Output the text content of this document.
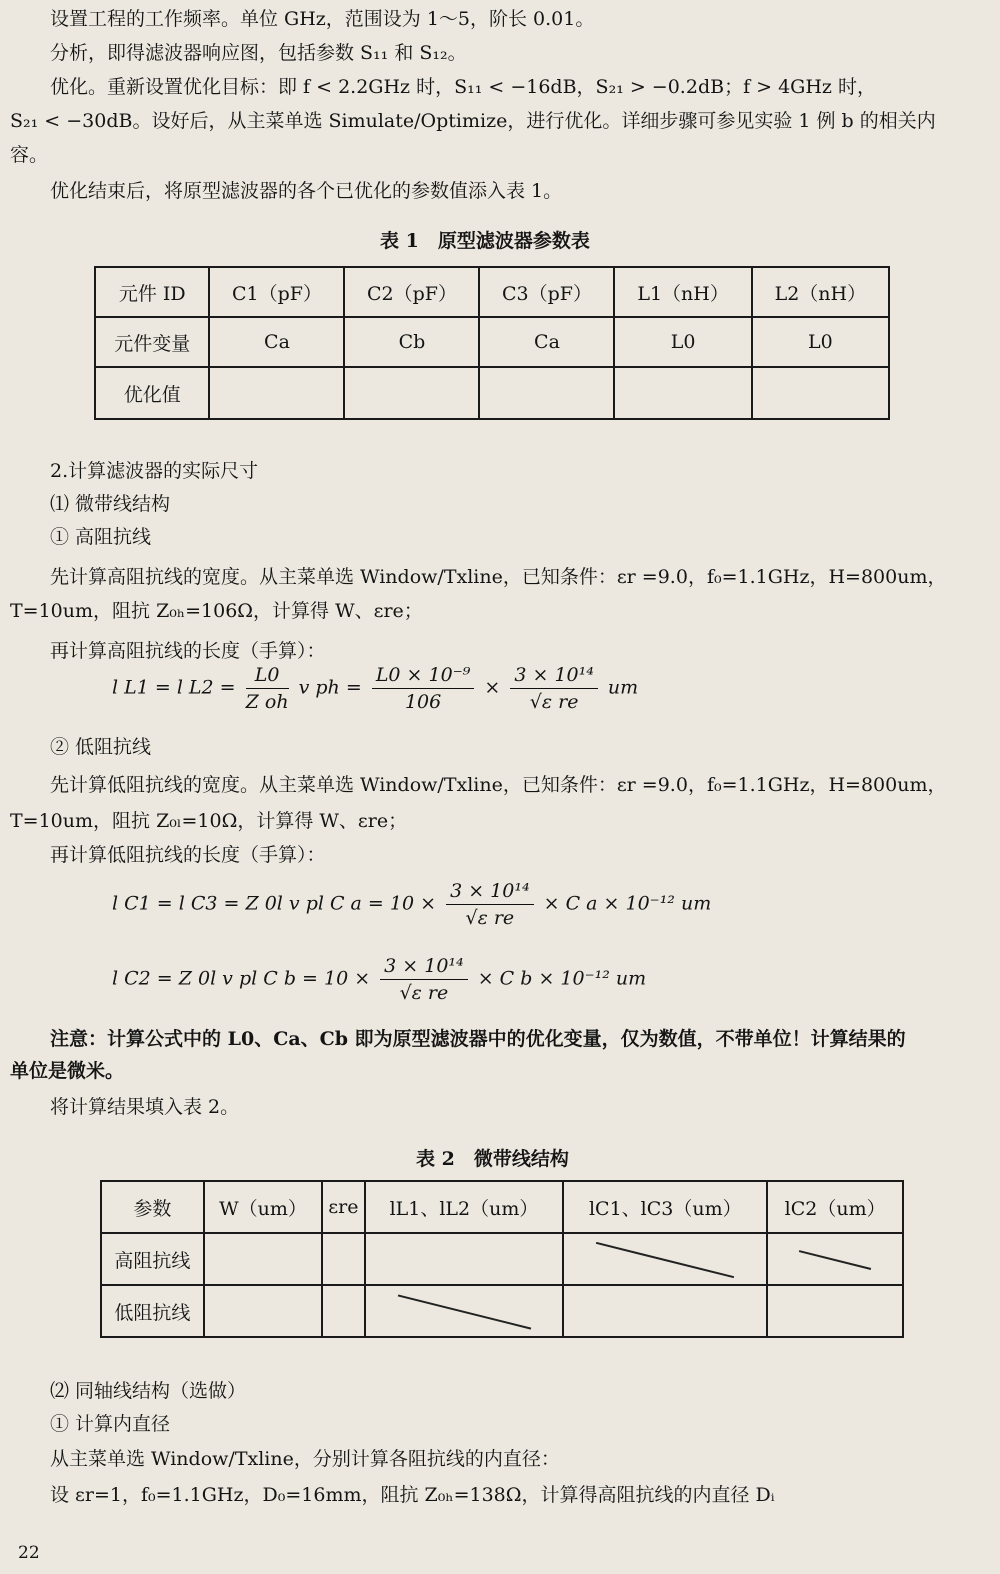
设置工程的工作频率。单位 GHz，范围设为 1～5，阶长 0.01。
分析，即得滤波器响应图，包括参数 S₁₁ 和 S₁₂。
优化。重新设置优化目标：即 f < 2.2GHz 时，S₁₁ < −16dB，S₂₁ > −0.2dB；f > 4GHz 时，
S₂₁ < −30dB。设好后，从主菜单选 Simulate/Optimize，进行优化。详细步骤可参见实验 1 例 b 的相关内
容。
优化结束后，将原型滤波器的各个已优化的参数值添入表 1。
表 1　原型滤波器参数表
元件 ID	C1（pF）	C2（pF）	C3（pF）	L1（nH）	L2（nH）
元件变量	Ca	Cb	Ca	L0	L0
优化值					
2.计算滤波器的实际尺寸
⑴ 微带线结构
① 高阻抗线
先计算高阻抗线的宽度。从主菜单选 Window/Txline，已知条件：εr =9.0，f₀=1.1GHz，H=800um，
T=10um，阻抗 Z₀ₕ=106Ω，计算得 W、εre；
再计算高阻抗线的长度（手算）：
l L1 = l $L2 = \frac{L0}{\text{Z oh}}$ v ph = $\frac{\text{L0 × 10⁻⁹}}{106} \times \frac{\text{3 × 10¹⁴}}{\text{√ε re}}$ um
② 低阻抗线
先计算低阻抗线的宽度。从主菜单选 Window/Txline，已知条件：εr =9.0，f₀=1.1GHz，H=800um，
T=10um，阻抗 Z₀ₗ=10Ω，计算得 W、εre；
再计算低阻抗线的长度（手算）：
l C1 = l C3 = Z 0l v pl C $a = 10 \times \frac{\text{3 × 10¹⁴}}{\text{√ε re}} \times C$ a × 10⁻¹² um
l C2 = Z 0l v pl C $b = 10 \times \frac{\text{3 × 10¹⁴}}{\text{√ε re}} \times C$ b × 10⁻¹² um
注意：计算公式中的 L0、Ca、Cb 即为原型滤波器中的优化变量，仅为数值，不带单位！计算结果的
单位是微米。
将计算结果填入表 2。
表 2　微带线结构
参数	W（um）	εre	lL1、lL2（um）	lC1、lC3（um）	lC2（um）
高阻抗线					
低阻抗线					
⑵ 同轴线结构（选做）
① 计算内直径
从主菜单选 Window/Txline，分别计算各阻抗线的内直径：
设 εr=1，f₀=1.1GHz，D₀=16mm，阻抗 Z₀ₕ=138Ω，计算得高阻抗线的内直径 Dᵢ
22
